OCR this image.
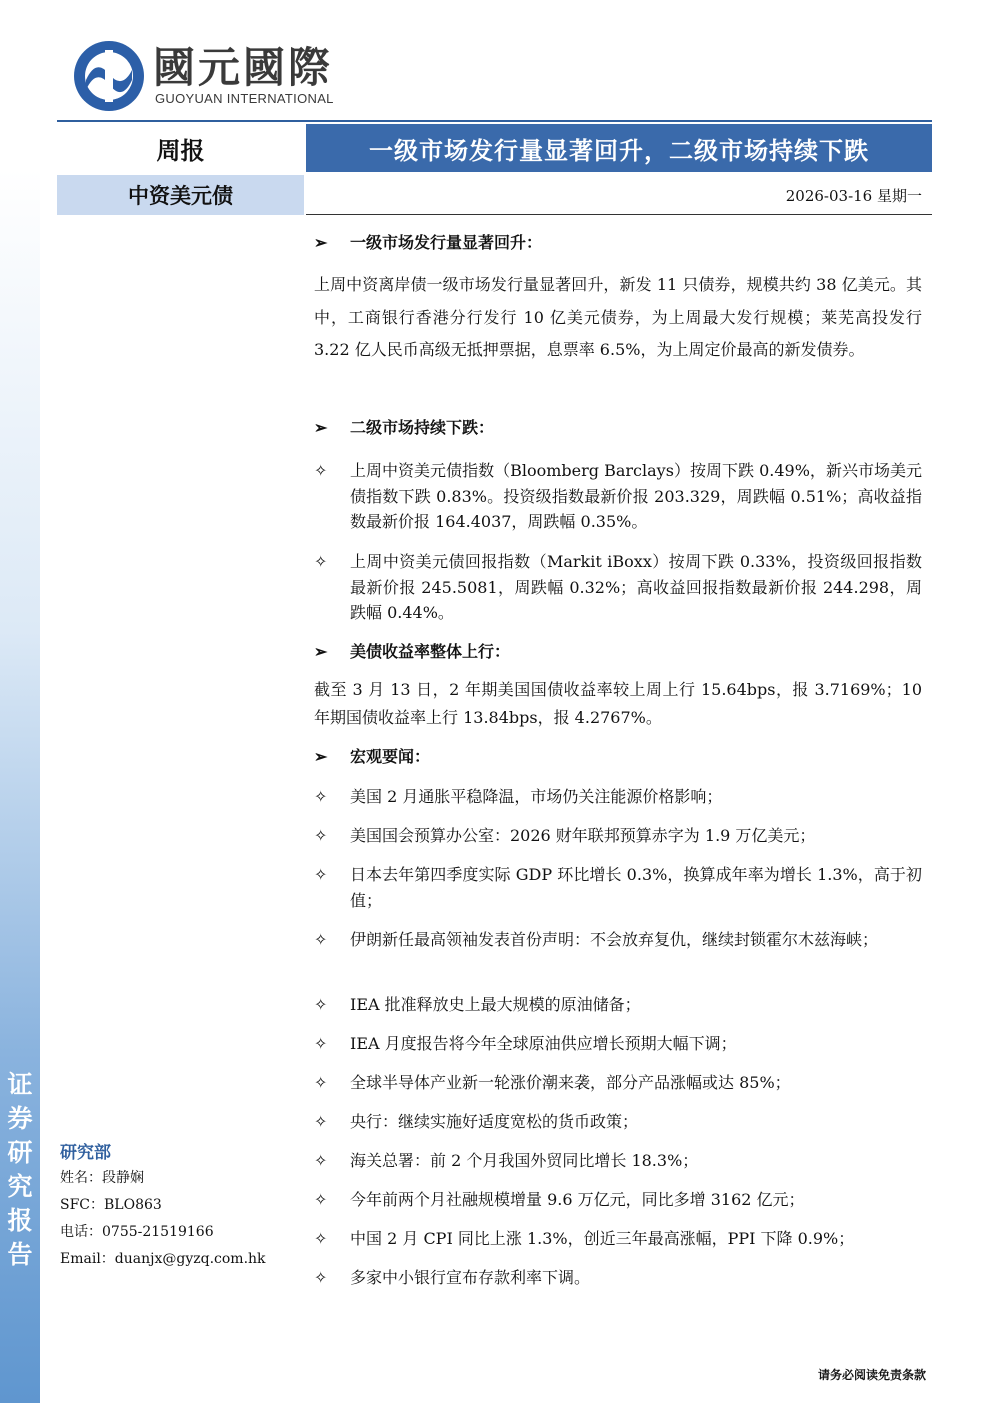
证
券
研
究
报
告
國元國際
GUOYUAN INTERNATIONAL
周报	一级市场发行量显著回升，二级市场持续下跌
中资美元债	2026-03-16 星期一
➢ 一级市场发行量显著回升：
上周中资离岸债一级市场发行量显著回升，新发 11 只债券，规模共约 38 亿美元。其中，工商银行香港分行发行 10 亿美元债券，为上周最大发行规模；莱芜高投发行 3.22 亿人民币高级无抵押票据，息票率 6.5%，为上周定价最高的新发债券。
➢ 二级市场持续下跌：
✧	上周中资美元债指数（Bloomberg Barclays）按周下跌 0.49%，新兴市场美元债指数下跌 0.83%。投资级指数最新价报 203.329，周跌幅 0.51%；高收益指数最新价报 164.4037，周跌幅 0.35%。
✧	上周中资美元债回报指数（Markit iBoxx）按周下跌 0.33%，投资级回报指数最新价报 245.5081，周跌幅 0.32%；高收益回报指数最新价报 244.298，周跌幅 0.44%。
➢ 美债收益率整体上行：
截至 3 月 13 日，2 年期美国国债收益率较上周上行 15.64bps，报 3.7169%；10 年期国债收益率上行 13.84bps，报 4.2767%。
➢ 宏观要闻：
✧	美国 2 月通胀平稳降温，市场仍关注能源价格影响；
✧	美国国会预算办公室：2026 财年联邦预算赤字为 1.9 万亿美元；
✧	日本去年第四季度实际 GDP 环比增长 0.3%，换算成年率为增长 1.3%，高于初值；
✧	伊朗新任最高领袖发表首份声明：不会放弃复仇，继续封锁霍尔木兹海峡；
✧	IEA 批准释放史上最大规模的原油储备；
✧	IEA 月度报告将今年全球原油供应增长预期大幅下调；
✧	全球半导体产业新一轮涨价潮来袭，部分产品涨幅或达 85%；
✧	央行：继续实施好适度宽松的货币政策；
✧	海关总署：前 2 个月我国外贸同比增长 18.3%；
✧	今年前两个月社融规模增量 9.6 万亿元，同比多增 3162 亿元；
✧	中国 2 月 CPI 同比上涨 1.3%，创近三年最高涨幅，PPI 下降 0.9%；
✧	多家中小银行宣布存款利率下调。
研究部
姓名：段静娴
SFC：BLO863
电话：0755-21519166
Email：duanjx@gyzq.com.hk
请务必阅读免责条款
